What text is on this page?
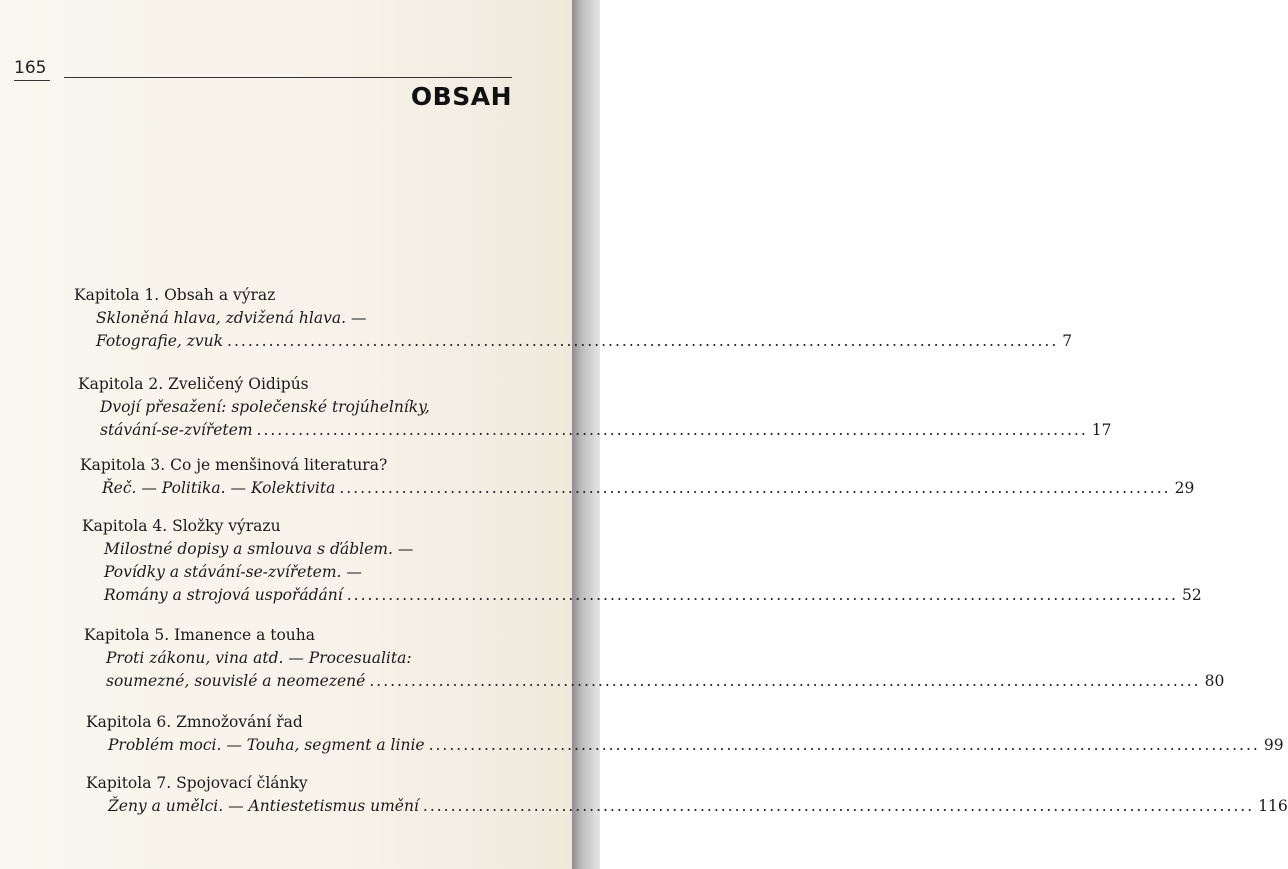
165
OBSAH
Kapitola 1. Obsah a výraz
Skloněná hlava, zdvižená hlava. —
Fotografie, zvuk ........................................................................................................................ 7
Kapitola 2. Zveličený Oidipús
Dvojí přesažení: společenské trojúhelníky,
stávání-se-zvířetem ........................................................................................................................ 17
Kapitola 3. Co je menšinová literatura?
Řeč. — Politika. — Kolektivita ........................................................................................................................ 29
Kapitola 4. Složky výrazu
Milostné dopisy a smlouva s ďáblem. —
Povídky a stávání-se-zvířetem. —
Romány a strojová uspořádání ........................................................................................................................ 52
Kapitola 5. Imanence a touha
Proti zákonu, vina atd. — Procesualita:
soumezné, souvislé a neomezené ........................................................................................................................ 80
Kapitola 6. Zmnožování řad
Problém moci. — Touha, segment a linie ........................................................................................................................ 99
Kapitola 7. Spojovací články
Ženy a umělci. — Antiestetismus umění ........................................................................................................................ 116
